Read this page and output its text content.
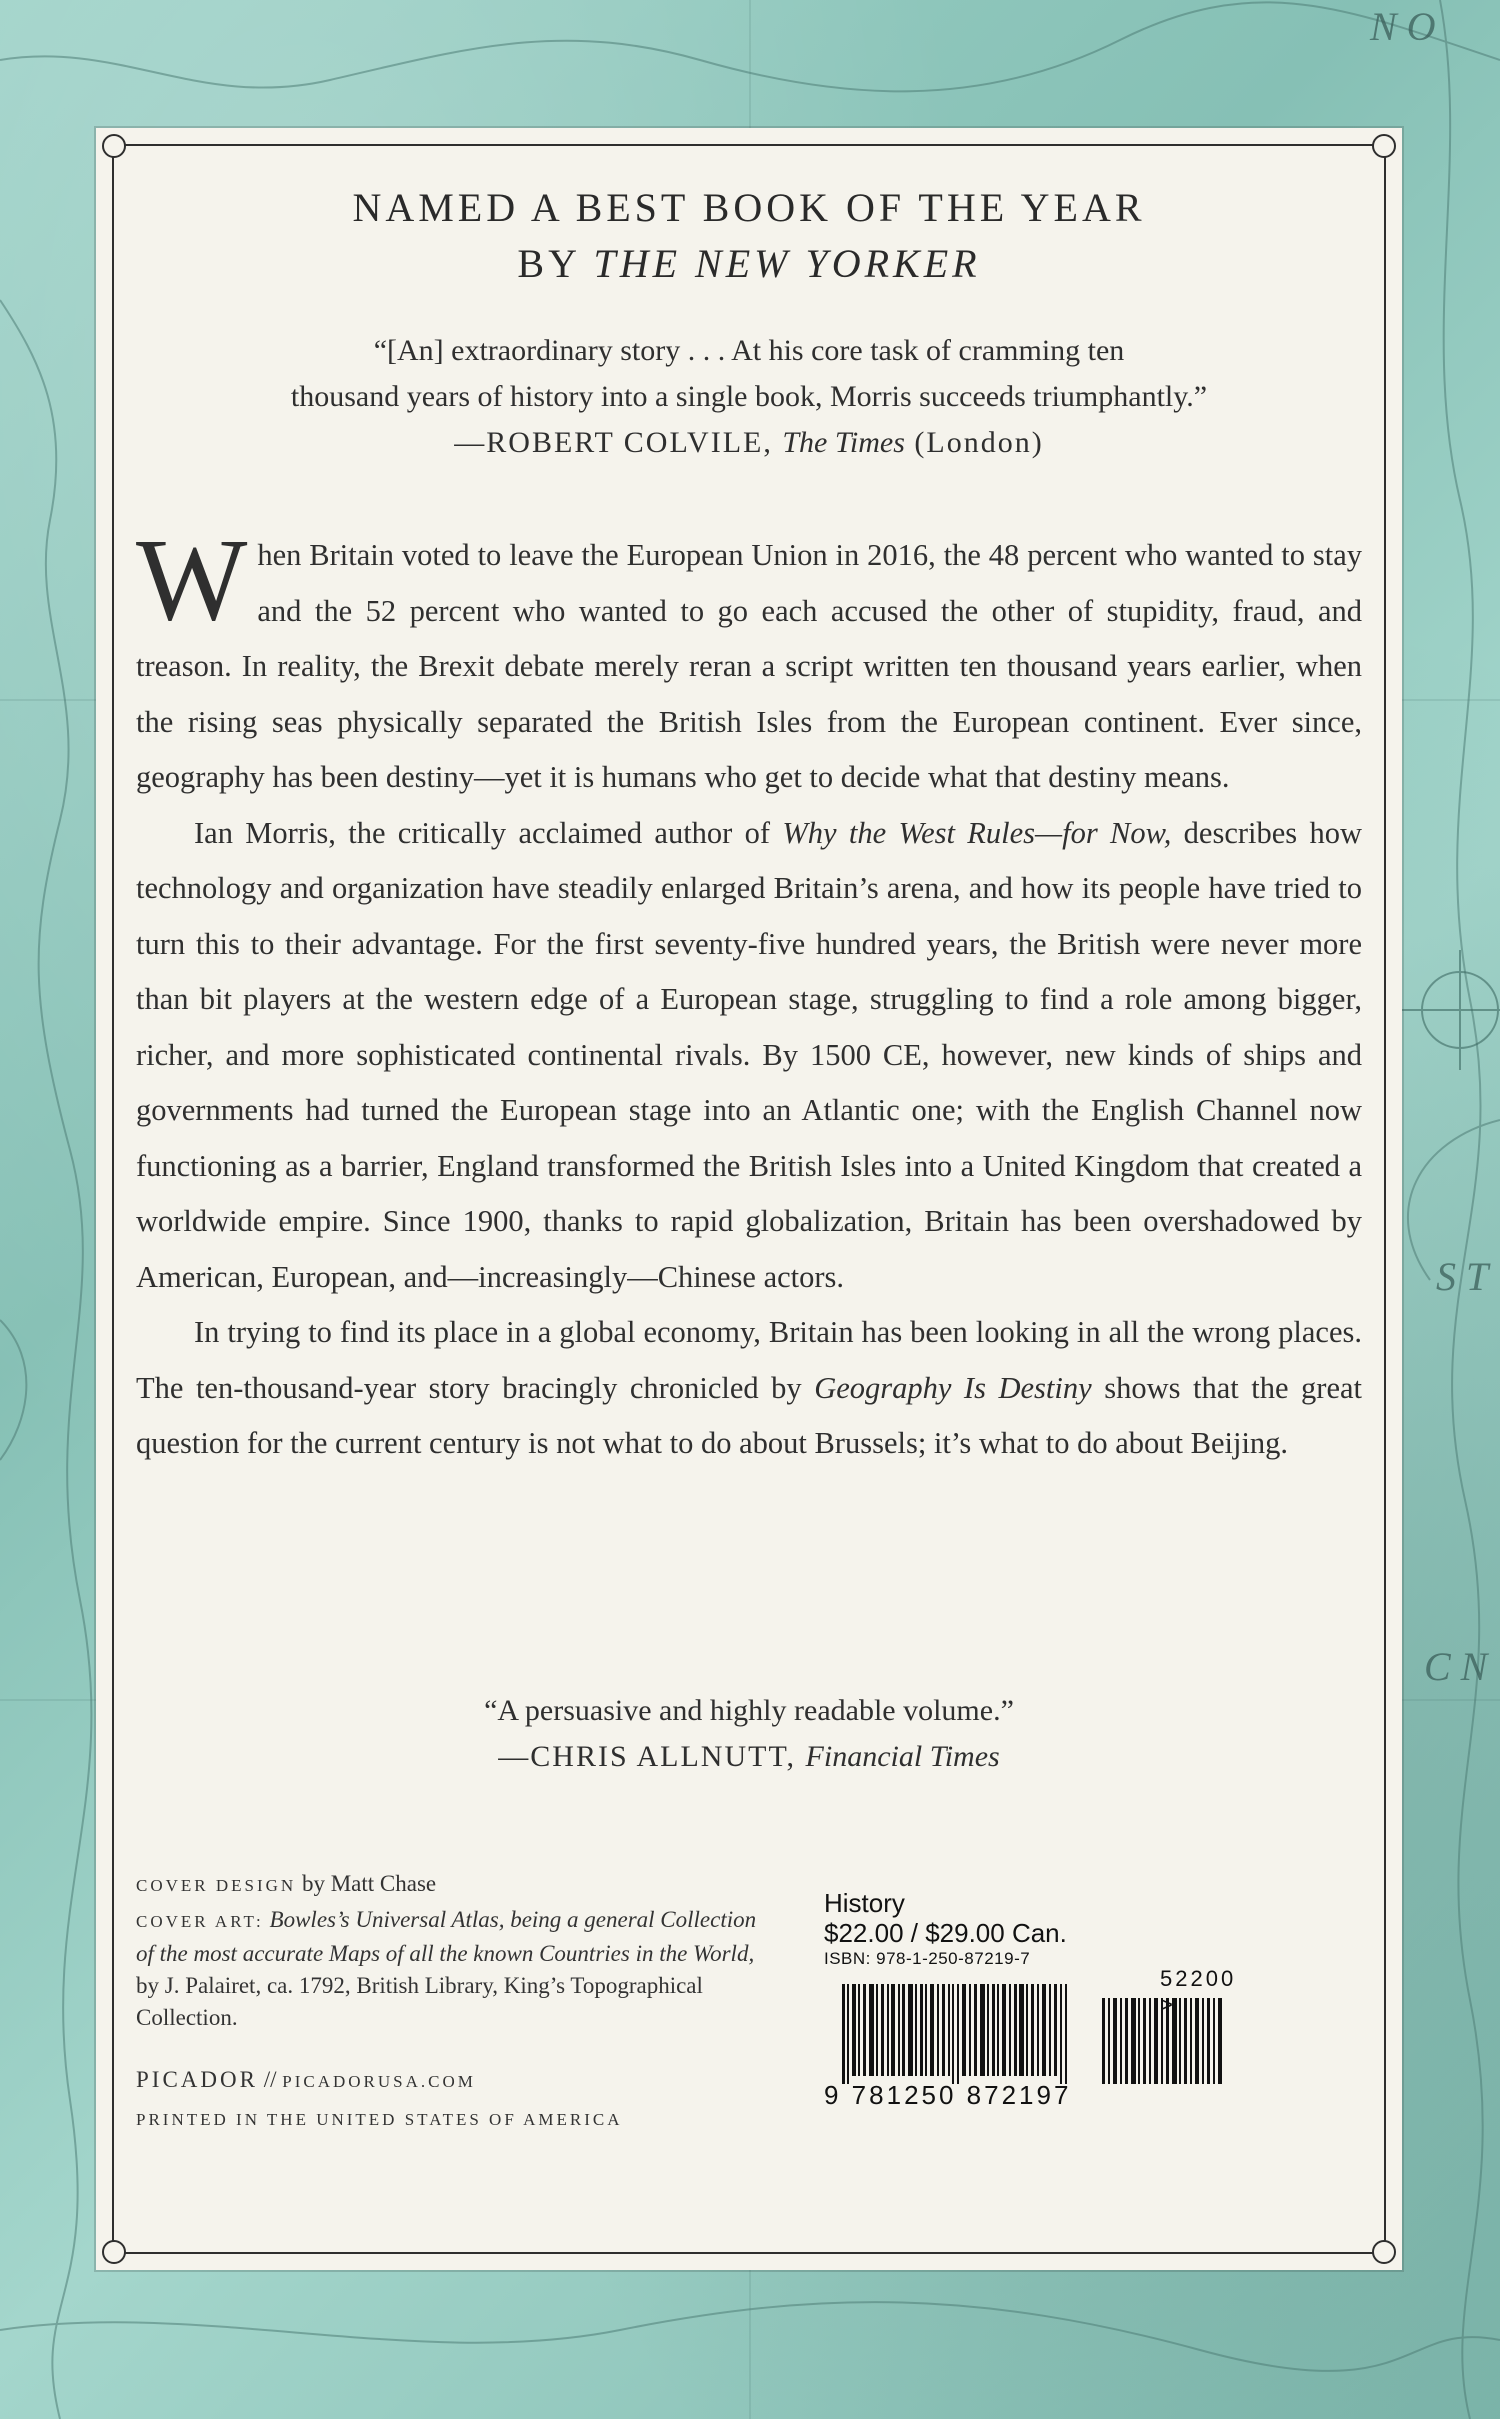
N O
S T
C N
NAMED A BEST BOOK OF THE YEAR
BY THE NEW YORKER
“[An] extraordinary story . . . At his core task of cramming ten
thousand years of history into a single book, Morris succeeds triumphantly.”
—ROBERT COLVILE, The Times (London)

When Britain voted to leave the European Union in 2016, the 48 percent who wanted to stay and the 52 percent who wanted to go each accused the other of stupidity, fraud, and treason. In reality, the Brexit debate merely reran a script written ten thousand years earlier, when the rising seas physically separated the British Isles from the European continent. Ever since, geography has been destiny—yet it is humans who get to decide what that destiny means.

Ian Morris, the critically acclaimed author of Why the West Rules—for Now, describes how technology and organization have steadily enlarged Britain’s arena, and how its people have tried to turn this to their advantage. For the first seventy-five hundred years, the British were never more than bit players at the western edge of a European stage, struggling to find a role among bigger, richer, and more sophisticated continental rivals. By 1500 CE, however, new kinds of ships and governments had turned the European stage into an Atlantic one; with the English Channel now functioning as a barrier, England transformed the British Isles into a United Kingdom that created a worldwide empire. Since 1900, thanks to rapid globalization, Britain has been overshadowed by American, European, and—increasingly—Chinese actors.

In trying to find its place in a global economy, Britain has been looking in all the wrong places. The ten-thousand-year story bracingly chronicled by Geography Is Destiny shows that the great question for the current century is not what to do about Brussels; it’s what to do about Beijing.

“A persuasive and highly readable volume.”
—CHRIS ALLNUTT, Financial Times
COVER DESIGN by Matt Chase
COVER ART: Bowles’s Universal Atlas, being a general Collection of the most accurate Maps of all the known Countries in the World, by J. Palairet, ca. 1792, British Library, King’s Topographical Collection.
PICADOR // PICADORUSA.COM
PRINTED IN THE UNITED STATES OF AMERICA
History
$22.00 / $29.00 Can.
ISBN: 978-1-250-87219-7
52200
9 781250 872197
